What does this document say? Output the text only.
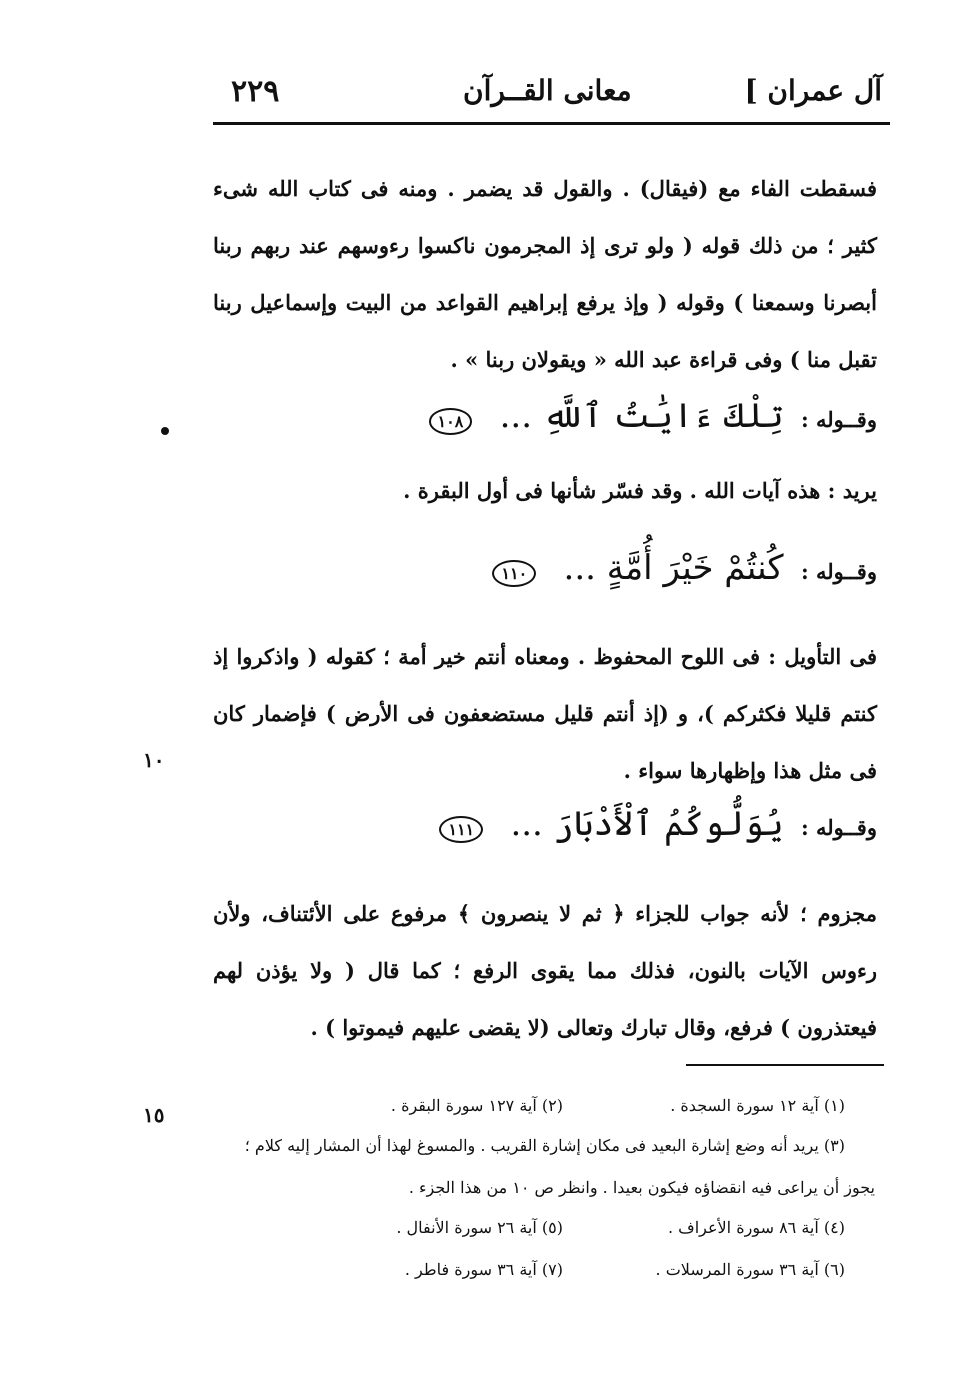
٢٢٩	معانى القــرآن	آل عمران ]
فسقطت الفاء مع (فيقال) . والقول قد يضمر . ومنه فى كتاب الله شىء كثير ؛ من ذلك قوله ( ولو ترى إذ المجرمون ناكسوا رءوسهم عند ربهم ربنا أبصرنا وسمعنا ) وقوله ( وإذ يرفع إبراهيم القواعد من البيت وإسماعيل ربنا تقبل منا ) وفى قراءة عبد الله « ويقولان ربنا » .
وقــوله : تِلْكَ ءَايَٰتُ ٱللَّهِ ... ١٠٨
يريد : هذه آيات الله . وقد فسّر شأنها فى أول البقرة .
وقــوله : كُنتُمْ خَيْرَ أُمَّةٍ ... ١١٠
فى التأويل : فى اللوح المحفوظ . ومعناه أنتم خير أمة ؛ كقوله ( واذكروا إذ كنتم قليلا فكثركم )، و (إذ أنتم قليل مستضعفون فى الأرض ) فإضمار كان فى مثل هذا وإظهارها سواء .
وقــوله : يُوَلُّوكُمُ ٱلْأَدْبَارَ ... ١١١
مجزوم ؛ لأنه جواب للجزاء ﴿ ثم لا ينصرون ﴾ مرفوع على الأئتناف، ولأن رءوس الآيات بالنون، فذلك مما يقوى الرفع ؛ كما قال ( ولا يؤذن لهم فيعتذرون ) فرفع، وقال تبارك وتعالى (لا يقضى عليهم فيموتوا ) .
١٠
١٥	(١) آية ١٢ سورة السجدة .
(٢) آية ١٢٧ سورة البقرة .
(٣) يريد أنه وضع إشارة البعيد فى مكان إشارة القريب . والمسوغ لهذا أن المشار إليه كلام ؛
يجوز أن يراعى فيه انقضاؤه فيكون بعيدا . وانظر ص ١٠ من هذا الجزء .
(٤) آية ٨٦ سورة الأعراف .
(٥) آية ٢٦ سورة الأنفال .
(٦) آية ٣٦ سورة المرسلات .
(٧) آية ٣٦ سورة فاطر .
